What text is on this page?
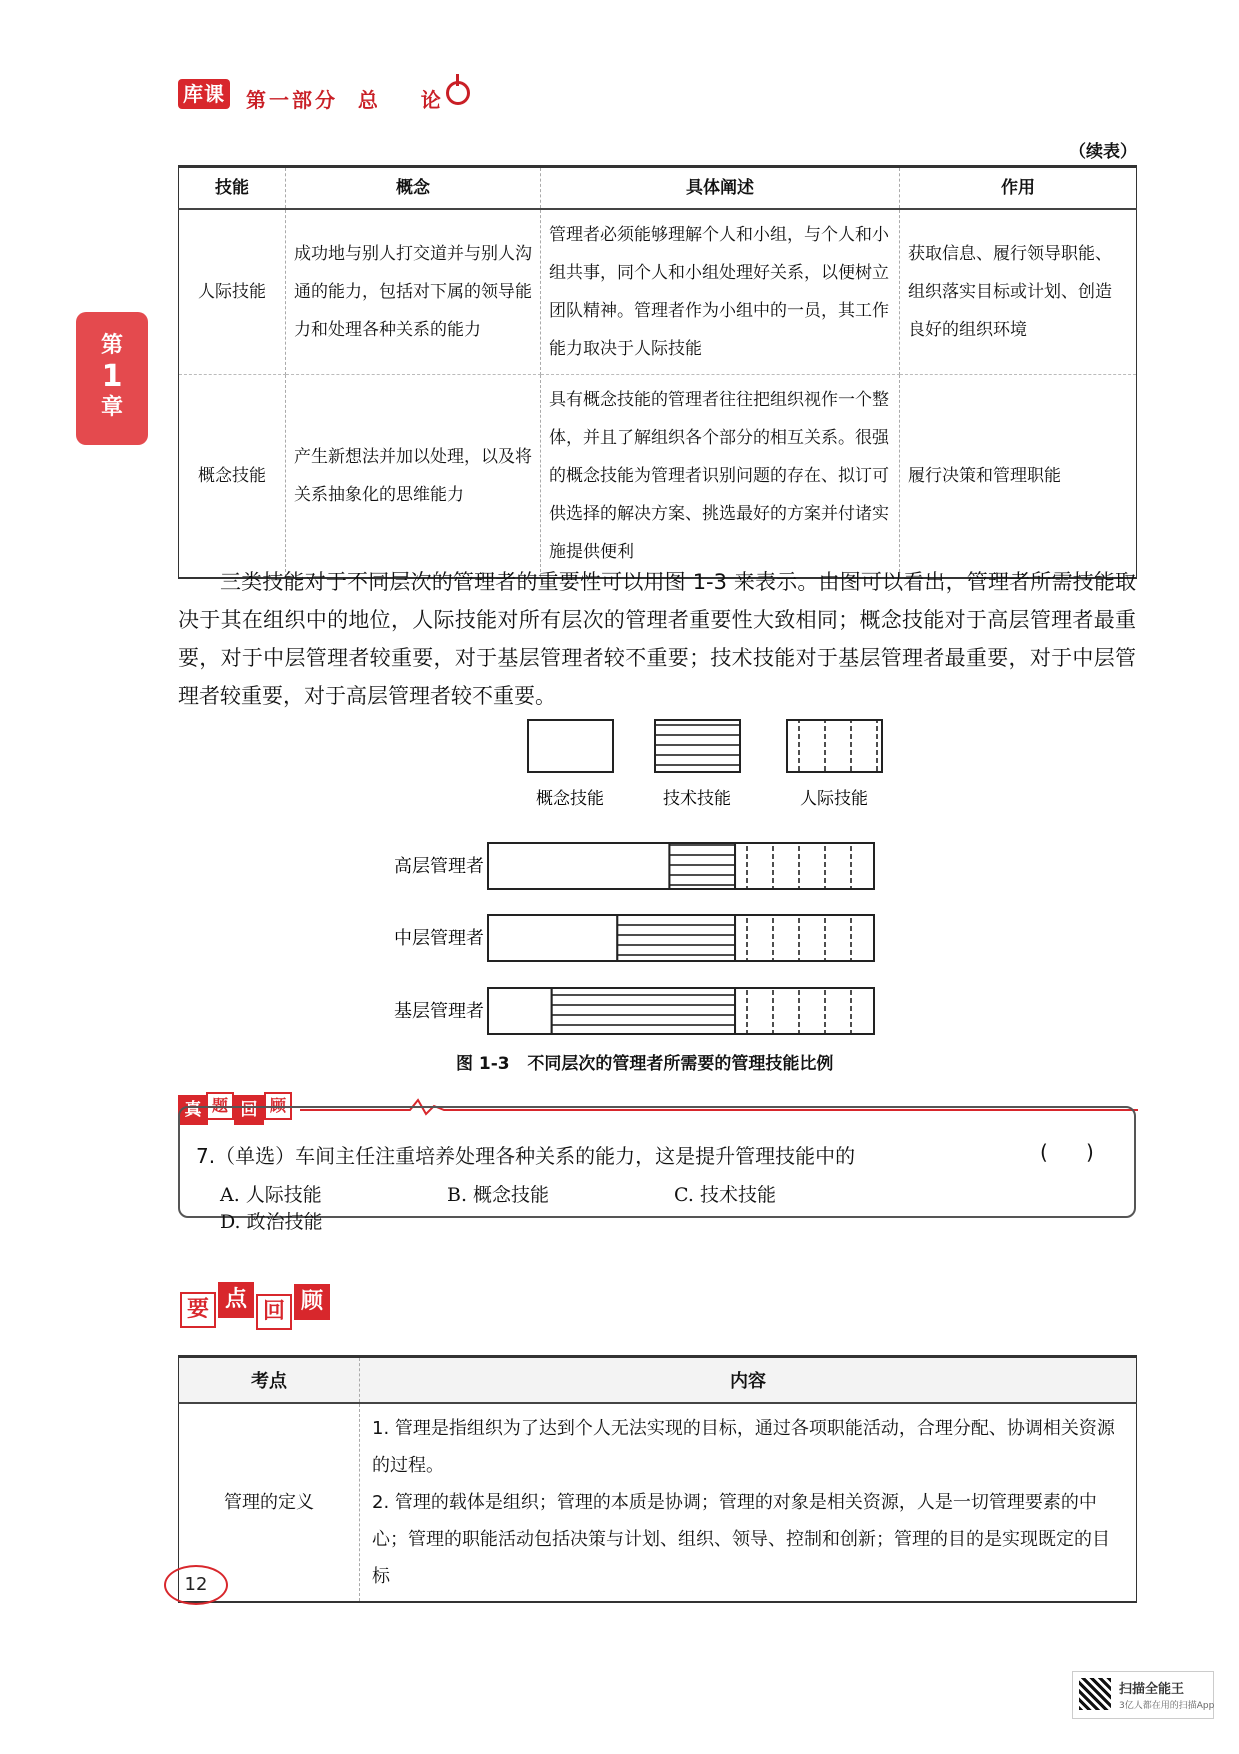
库课 第一部分  总    论
第
1
章
（续表）
技能	概念	具体阐述	作用
人际技能	成功地与别人打交道并与别人沟通的能力，包括对下属的领导能力和处理各种关系的能力	管理者必须能够理解个人和小组，与个人和小组共事，同个人和小组处理好关系，以便树立团队精神。管理者作为小组中的一员，其工作能力取决于人际技能	获取信息、履行领导职能、组织落实目标或计划、创造良好的组织环境
概念技能	产生新想法并加以处理，以及将关系抽象化的思维能力	具有概念技能的管理者往往把组织视作一个整体，并且了解组织各个部分的相互关系。很强的概念技能为管理者识别问题的存在、拟订可供选择的解决方案、挑选最好的方案并付诸实施提供便利	履行决策和管理职能
三类技能对于不同层次的管理者的重要性可以用图 1-3 来表示。由图可以看出，管理者所需技能取决于其在组织中的地位，人际技能对所有层次的管理者重要性大致相同；概念技能对于高层管理者最重要，对于中层管理者较重要，对于基层管理者较不重要；技术技能对于基层管理者最重要，对于中层管理者较重要，对于高层管理者较不重要。
概念技能	技术技能	人际技能
高层管理者
中层管理者
基层管理者
图 1-3   不同层次的管理者所需要的管理技能比例
真 题 回 顾
7.（单选）车间主任注重培养处理各种关系的能力，这是提升管理技能中的	(      )
A. 人际技能	B. 概念技能	C. 技术技能D. 政治技能
要 点 回 顾
考点	内容
管理的定义	1. 管理是指组织为了达到个人无法实现的目标，通过各项职能活动，合理分配、协调相关资源的过程。
2. 管理的载体是组织；管理的本质是协调；管理的对象是相关资源，人是一切管理要素的中心；管理的职能活动包括决策与计划、组织、领导、控制和创新；管理的目的是实现既定的目标
12
扫描全能王
3亿人都在用的扫描App
